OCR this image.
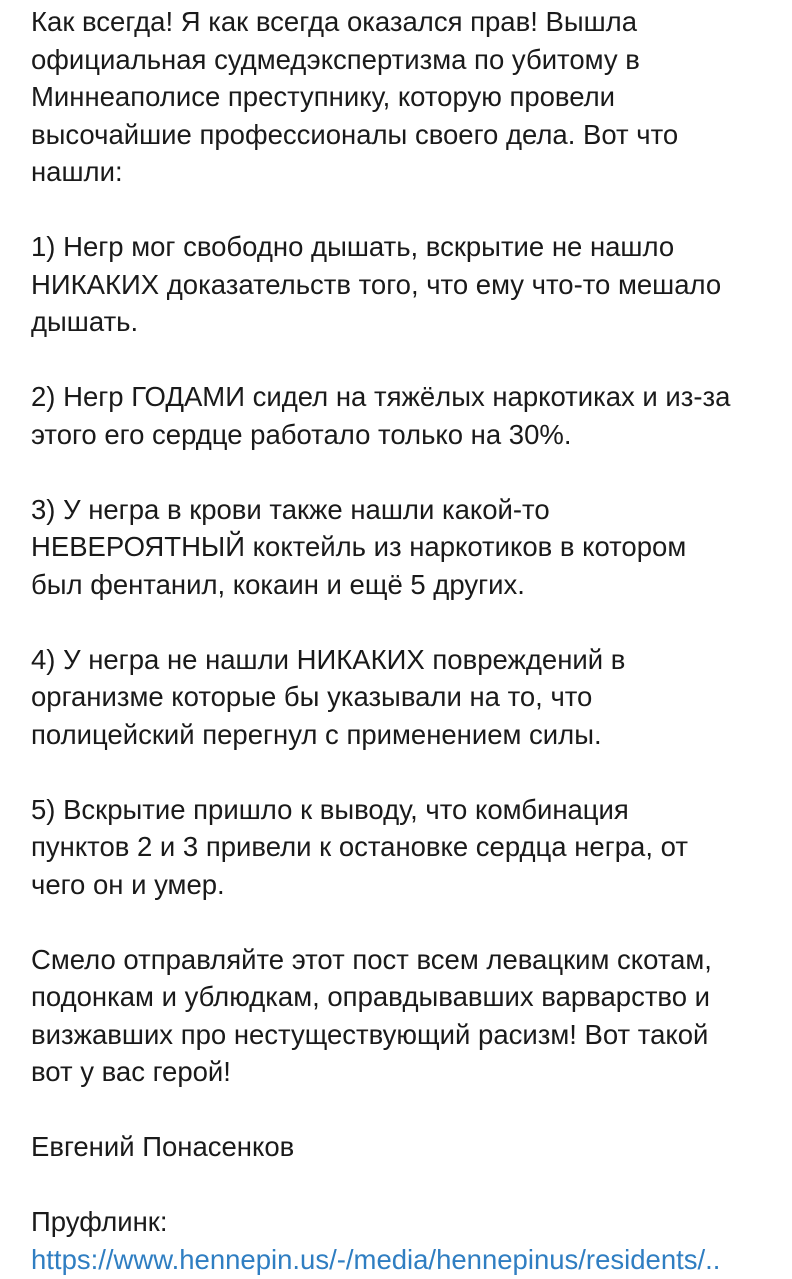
Как всегда! Я как всегда оказался прав! Вышла
официальная судмедэкспертизма по убитому в
Миннеаполисе преступнику, которую провели
высочайшие профессионалы своего дела. Вот что
нашли:
1) Негр мог свободно дышать, вскрытие не нашло
НИКАКИХ доказательств того, что ему что-то мешало
дышать.
2) Негр ГОДАМИ сидел на тяжёлых наркотиках и из-за
этого его сердце работало только на 30%.
3) У негра в крови также нашли какой-то
НЕВЕРОЯТНЫЙ коктейль из наркотиков в котором
был фентанил, кокаин и ещё 5 других.
4) У негра не нашли НИКАКИХ повреждений в
организме которые бы указывали на то, что
полицейский перегнул с применением силы.
5) Вскрытие пришло к выводу, что комбинация
пунктов 2 и 3 привели к остановке сердца негра, от
чего он и умер.
Смело отправляйте этот пост всем левацким скотам,
подонкам и ублюдкам, оправдывавших варварство и
визжавших про нестуществующий расизм! Вот такой
вот у вас герой!
Евгений Понасенков
Пруфлинк:
https://www.hennepin.us/-/media/hennepinus/residents/..
